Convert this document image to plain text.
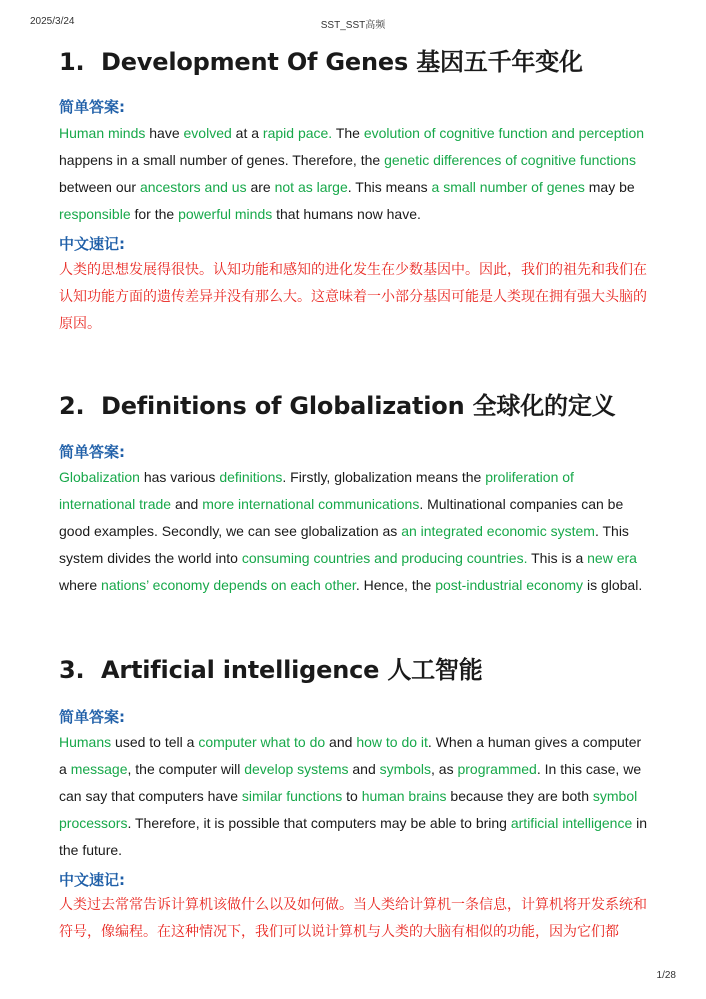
2025/3/24	SST_SST高频
1. Development Of Genes 基因五千年变化
简单答案:
Human minds have evolved at a rapid pace. The evolution of cognitive function and perception happens in a small number of genes. Therefore, the genetic differences of cognitive functions between our ancestors and us are not as large. This means a small number of genes may be responsible for the powerful minds that humans now have.
中文速记:
人类的思想发展得很快。认知功能和感知的进化发生在少数基因中。因此，我们的祖先和我们在认知功能方面的遗传差异并没有那么大。这意味着一小部分基因可能是人类现在拥有强大头脑的原因。
2. Definitions of Globalization 全球化的定义
简单答案:
Globalization has various definitions. Firstly, globalization means the proliferation of international trade and more international communications. Multinational companies can be good examples. Secondly, we can see globalization as an integrated economic system. This system divides the world into consuming countries and producing countries. This is a new era where nations’ economy depends on each other. Hence, the post-industrial economy is global.
3. Artificial intelligence 人工智能
简单答案:
Humans used to tell a computer what to do and how to do it. When a human gives a computer a message, the computer will develop systems and symbols, as programmed. In this case, we can say that computers have similar functions to human brains because they are both symbol processors. Therefore, it is possible that computers may be able to bring artificial intelligence in the future.
中文速记:
人类过去常常告诉计算机该做什么以及如何做。当人类给计算机一条信息，计算机将开发系统和符号，像编程。在这种情况下，我们可以说计算机与人类的大脑有相似的功能，因为它们都
1/28
